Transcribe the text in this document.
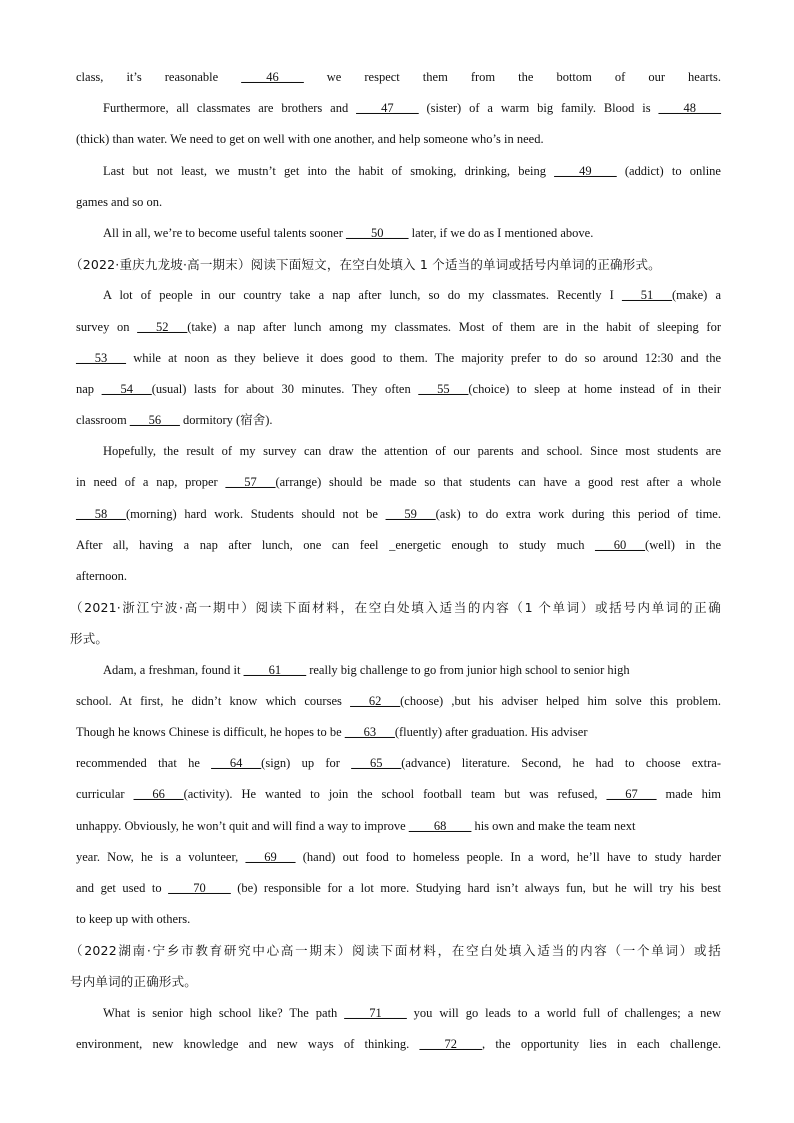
class, it’s reasonable ____46____ we respect them from the bottom of our hearts.
Furthermore, all classmates are brothers and ____47____ (sister) of a warm big family. Blood is ____48____
(thick) than water. We need to get on well with one another, and help someone who’s in need.
Last but not least, we mustn’t get into the habit of smoking, drinking, being ____49____ (addict) to online
games and so on.
All in all, we’re to become useful talents sooner ____50____ later, if we do as I mentioned above.
（2022·重庆九龙坡·高一期末）阅读下面短文，在空白处填入 1 个适当的单词或括号内单词的正确形式。
A lot of people in our country take a nap after lunch, so do my classmates. Recently I ___51___(make) a
survey on ___52___(take) a nap after lunch among my classmates. Most of them are in the habit of sleeping for
___53___ while at noon as they believe it does good to them. The majority prefer to do so around 12:30 and the
nap ___54___(usual) lasts for about 30 minutes. They often ___55___(choice) to sleep at home instead of in their
classroom ___56___ dormitory (宿舍).
Hopefully, the result of my survey can draw the attention of our parents and school. Since most students are
in need of a nap, proper ___57___(arrange) should be made so that students can have a good rest after a whole
___58___(morning) hard work. Students should not be ___59___(ask) to do extra work during this period of time.
After all, having a nap after lunch, one can feel _energetic enough to study much ___60___(well) in the
afternoon.
（2021·浙江宁波·高一期中）阅读下面材料，在空白处填入适当的内容（1 个单词）或括号内单词的正确
形式。
Adam, a freshman, found it ____61____ really big challenge to go from junior high school to senior high
school. At first, he didn’t know which courses ___62___(choose) ,but his adviser helped him solve this problem.
Though he knows Chinese is difficult, he hopes to be ___63___(fluently) after graduation. His adviser
recommended that he ___64___(sign) up for ___65___(advance) literature. Second, he had to choose extra-
curricular ___66___(activity). He wanted to join the school football team but was refused, ___67___ made him
unhappy. Obviously, he won’t quit and will find a way to improve ____68____ his own and make the team next
year. Now, he is a volunteer, ___69___ (hand) out food to homeless people. In a word, he’ll have to study harder
and get used to ____70____ (be) responsible for a lot more. Studying hard isn’t always fun, but he will try his best
to keep up with others.
（2022湖南·宁乡市教育研究中心高一期末）阅读下面材料，在空白处填入适当的内容（一个单词）或括
号内单词的正确形式。
What is senior high school like? The path ____71____ you will go leads to a world full of challenges; a new
environment, new knowledge and new ways of thinking. ____72____, the opportunity lies in each challenge.
